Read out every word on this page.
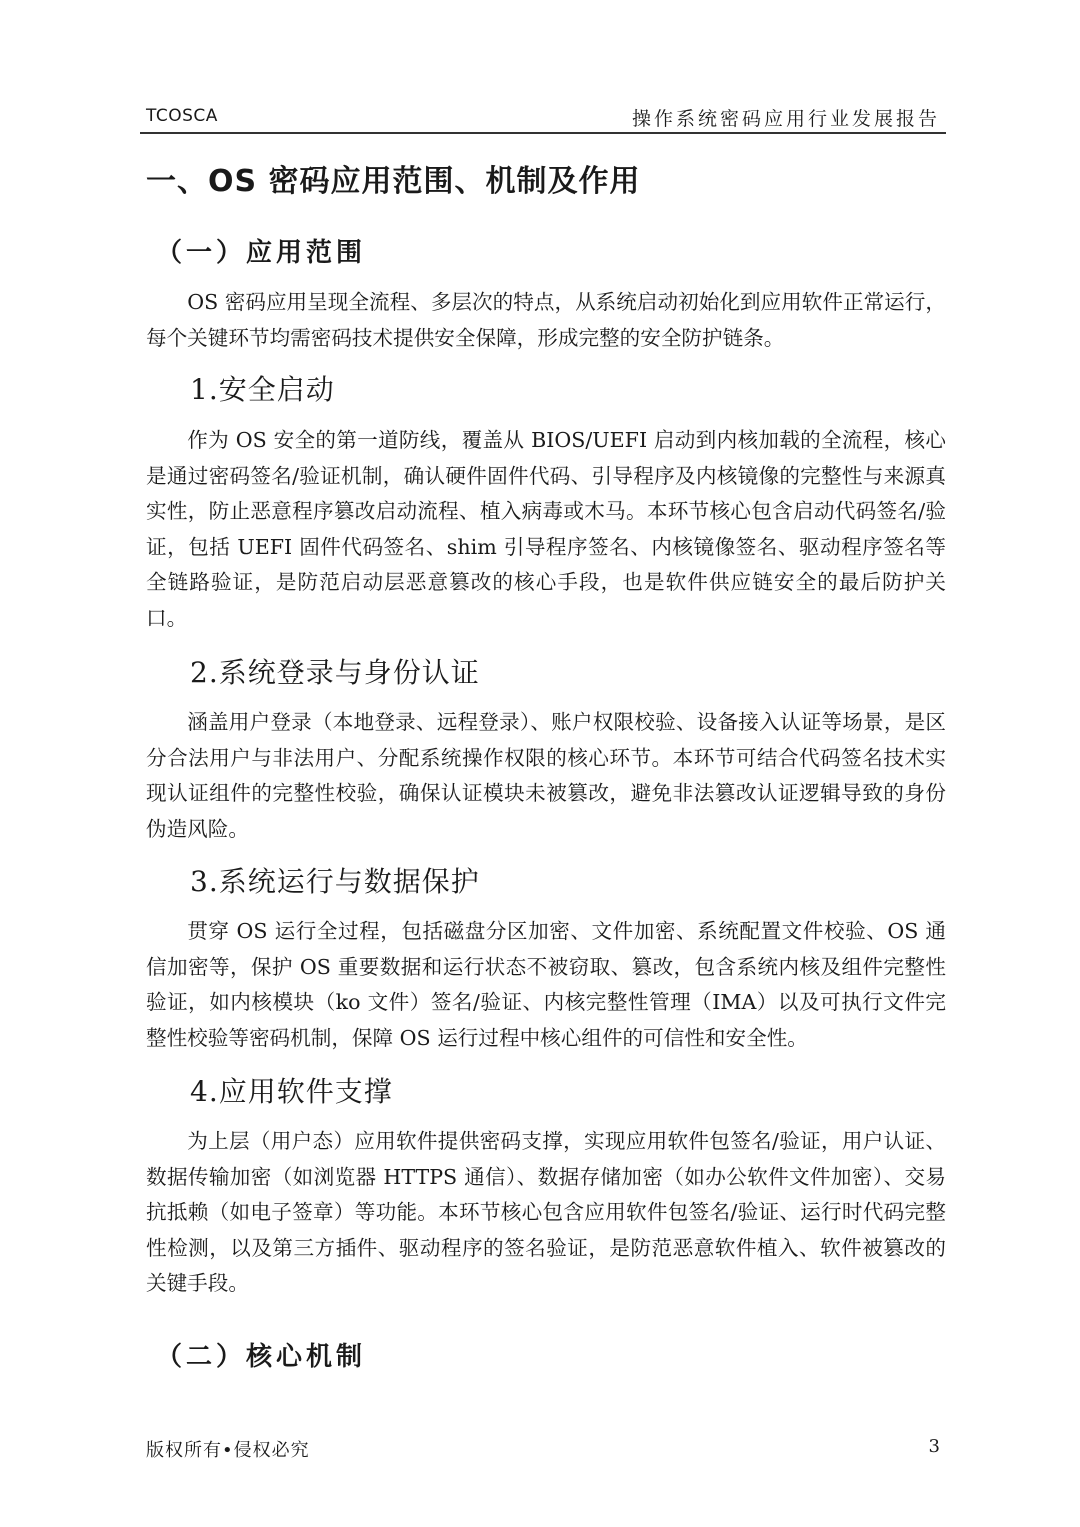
TCOSCA	操作系统密码应用行业发展报告
一、OS 密码应用范围、机制及作用
（一）应用范围

OS 密码应用呈现全流程、多层次的特点，从系统启动初始化到应用软件正常运行，每个关键环节均需密码技术提供安全保障，形成完整的安全防护链条。

1.安全启动

作为 OS 安全的第一道防线，覆盖从 BIOS/UEFI 启动到内核加载的全流程，核心是通过密码签名/验证机制，确认硬件固件代码、引导程序及内核镜像的完整性与来源真实性，防止恶意程序篡改启动流程、植入病毒或木马。本环节核心包含启动代码签名/验证，包括 UEFI 固件代码签名、shim 引导程序签名、内核镜像签名、驱动程序签名等全链路验证，是防范启动层恶意篡改的核心手段，也是软件供应链安全的最后防护关口。

2.系统登录与身份认证

涵盖用户登录（本地登录、远程登录）、账户权限校验、设备接入认证等场景，是区分合法用户与非法用户、分配系统操作权限的核心环节。本环节可结合代码签名技术实现认证组件的完整性校验，确保认证模块未被篡改，避免非法篡改认证逻辑导致的身份伪造风险。

3.系统运行与数据保护

贯穿 OS 运行全过程，包括磁盘分区加密、文件加密、系统配置文件校验、OS 通信加密等，保护 OS 重要数据和运行状态不被窃取、篡改，包含系统内核及组件完整性验证，如内核模块（ko 文件）签名/验证、内核完整性管理（IMA）以及可执行文件完整性校验等密码机制，保障 OS 运行过程中核心组件的可信性和安全性。

4.应用软件支撑

为上层（用户态）应用软件提供密码支撑，实现应用软件包签名/验证，用户认证、数据传输加密（如浏览器 HTTPS 通信）、数据存储加密（如办公软件文件加密）、交易抗抵赖（如电子签章）等功能。本环节核心包含应用软件包签名/验证、运行时代码完整性检测，以及第三方插件、驱动程序的签名验证，是防范恶意软件植入、软件被篡改的关键手段。

（二）核心机制
版权所有•侵权必究	3
